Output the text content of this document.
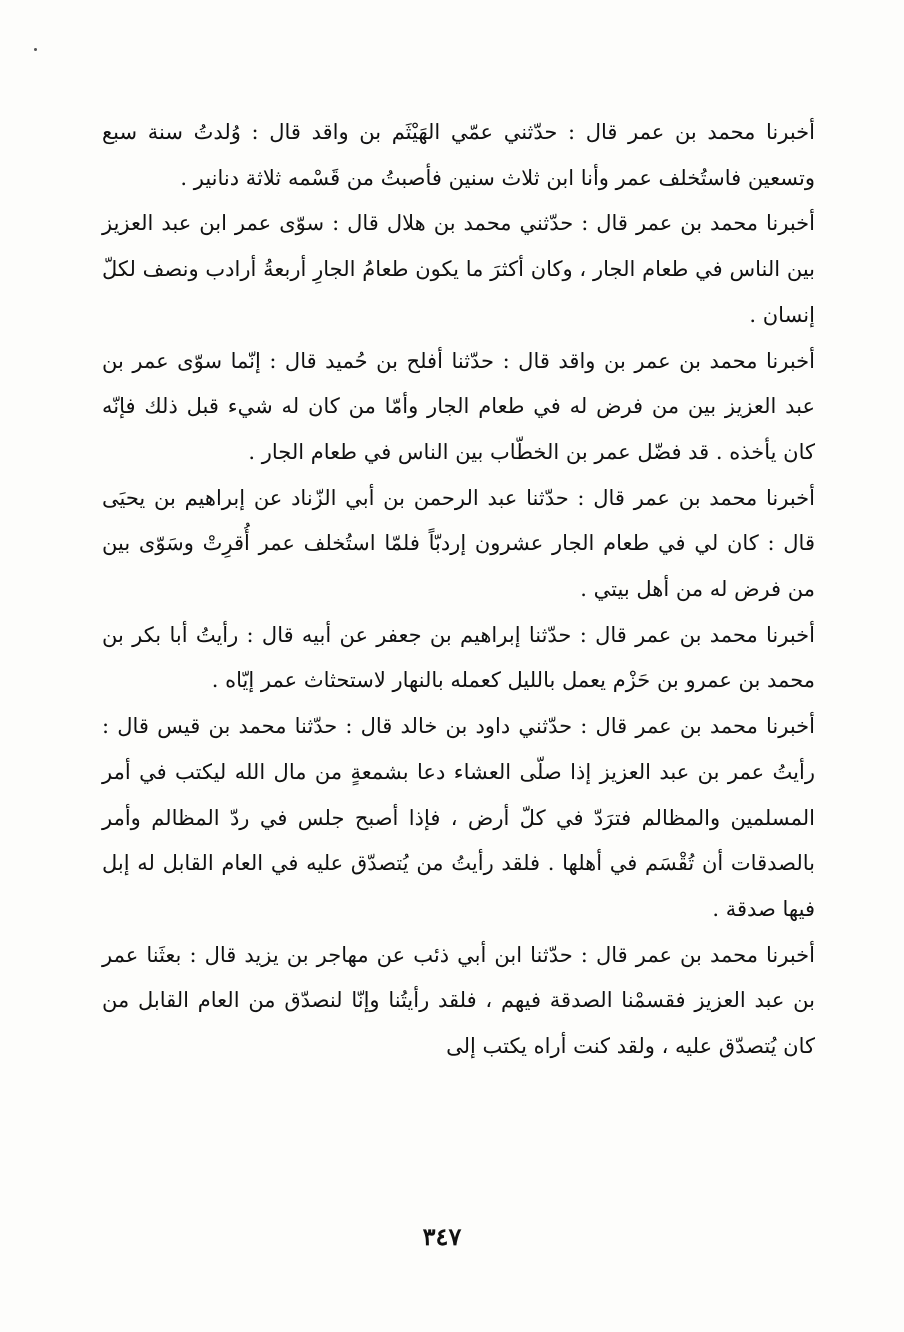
أخبرنا محمد بن عمر قال : حدّثني عمّي الهَيْثَم بن واقد قال : وُلدتُ سنة سبع وتسعين فاستُخلف عمر وأنا ابن ثلاث سنين فأصبتُ من قَسْمه ثلاثة دنانير .

أخبرنا محمد بن عمر قال : حدّثني محمد بن هلال قال : سوّى عمر ابن عبد العزيز بين الناس في طعام الجار ، وكان أكثرَ ما يكون طعامُ الجارِ أربعةُ أرادب ونصف لكلّ إنسان .

أخبرنا محمد بن عمر بن واقد قال : حدّثنا أفلح بن حُميد قال : إنّما سوّى عمر بن عبد العزيز بين من فرض له في طعام الجار وأمّا من كان له شيء قبل ذلك فإنّه كان يأخذه . قد فضّل عمر بن الخطّاب بين الناس في طعام الجار .

أخبرنا محمد بن عمر قال : حدّثنا عبد الرحمن بن أبي الزّناد عن إبراهيم بن يحيَى قال : كان لي في طعام الجار عشرون إردبّاً فلمّا استُخلف عمر أُقرِتْ وسَوّى بين من فرض له من أهل بيتي .

أخبرنا محمد بن عمر قال : حدّثنا إبراهيم بن جعفر عن أبيه قال : رأيتُ أبا بكر بن محمد بن عمرو بن حَزْم يعمل بالليل كعمله بالنهار لاستحثاث عمر إيّاه .

أخبرنا محمد بن عمر قال : حدّثني داود بن خالد قال : حدّثنا محمد بن قيس قال : رأيتُ عمر بن عبد العزيز إذا صلّى العشاء دعا بشمعةٍ من مال الله ليكتب في أمر المسلمين والمظالم فترَدّ في كلّ أرض ، فإذا أصبح جلس في ردّ المظالم وأمر بالصدقات أن تُقْسَم في أهلها . فلقد رأيتُ من يُتصدّق عليه في العام القابل له إبل فيها صدقة .

أخبرنا محمد بن عمر قال : حدّثنا ابن أبي ذئب عن مهاجر بن يزيد قال : بعثَنا عمر بن عبد العزيز فقسمْنا الصدقة فيهم ، فلقد رأيتُنا وإنّا لنصدّق من العام القابل من كان يُتصدّق عليه ، ولقد كنت أراه يكتب إلى

٣٤٧
